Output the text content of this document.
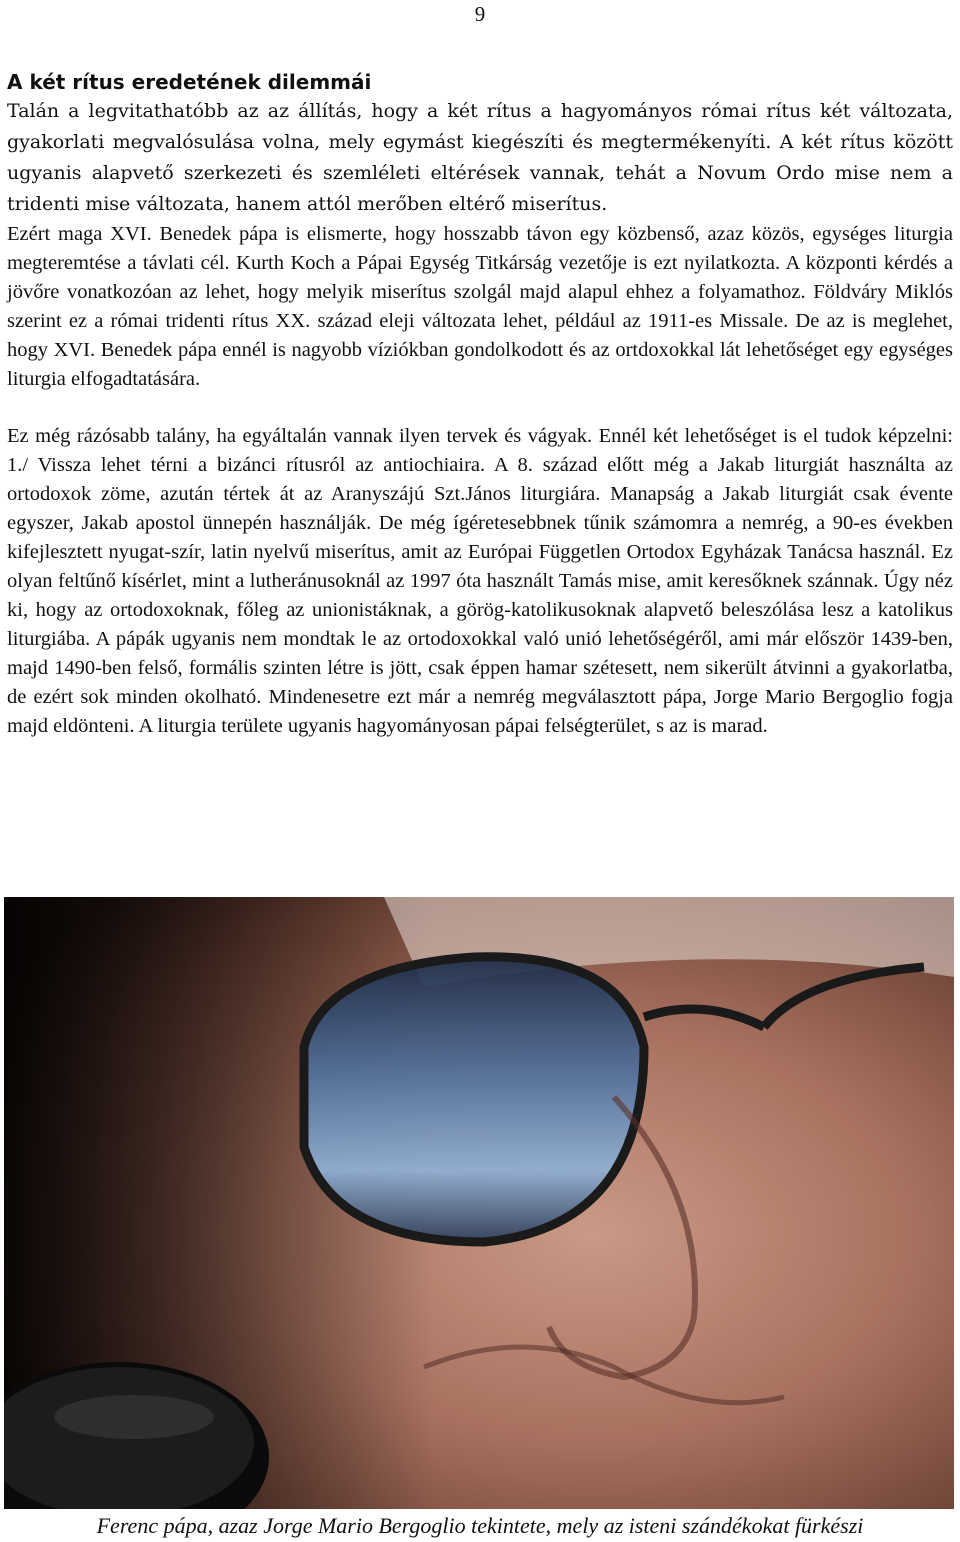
9
A két rítus eredetének dilemmái

Talán a legvitathatóbb az az állítás, hogy a két rítus a hagyományos római rítus két változata, gyakorlati megvalósulása volna, mely egymást kiegészíti és megtermékenyíti. A két rítus között ugyanis alapvető szerkezeti és szemléleti eltérések vannak, tehát a Novum Ordo mise nem a tridenti mise változata, hanem attól merőben eltérő miserítus.

Ezért maga XVI. Benedek pápa is elismerte, hogy hosszabb távon egy közbenső, azaz közös, egységes liturgia megteremtése a távlati cél. Kurth Koch a Pápai Egység Titkárság vezetője is ezt nyilatkozta. A központi kérdés a jövőre vonatkozóan az lehet, hogy melyik miserítus szolgál majd alapul ehhez a folyamathoz. Földváry Miklós szerint ez a római tridenti rítus XX. század eleji változata lehet, például az 1911-es Missale. De az is meglehet, hogy XVI. Benedek pápa ennél is nagyobb víziókban gondolkodott és az ortdoxokkal lát lehetőséget egy egységes liturgia elfogadtatására.

Ez még rázósabb talány, ha egyáltalán vannak ilyen tervek és vágyak. Ennél két lehetőséget is el tudok képzelni: 1./ Vissza lehet térni a bizánci rítusról az antiochiaira. A 8. század előtt még a Jakab liturgiát használta az ortodoxok zöme, azután tértek át az Aranyszájú Szt.János liturgiára. Manapság a Jakab liturgiát csak évente egyszer, Jakab apostol ünnepén használják. De még ígéretesebbnek tűnik számomra a nemrég, a 90-es években kifejlesztett nyugat-szír, latin nyelvű miserítus, amit az Európai Független Ortodox Egyházak Tanácsa használ. Ez olyan feltűnő kísérlet, mint a lutheránusoknál az 1997 óta használt Tamás mise, amit keresőknek szánnak. Úgy néz ki, hogy az ortodoxoknak, főleg az unionistáknak, a görög-katolikusoknak alapvető beleszólása lesz a katolikus liturgiába. A pápák ugyanis nem mondtak le az ortodoxokkal való unió lehetőségéről, ami már először 1439-ben, majd 1490-ben felső, formális szinten létre is jött, csak éppen hamar szétesett, nem sikerült átvinni a gyakorlatba, de ezért sok minden okolható. Mindenesetre ezt már a nemrég megválasztott pápa, Jorge Mario Bergoglio fogja majd eldönteni. A liturgia területe ugyanis hagyományosan pápai felségterület, s az is marad.

Ferenc pápa, azaz Jorge Mario Bergoglio tekintete, mely az isteni szándékokat fürkészi
